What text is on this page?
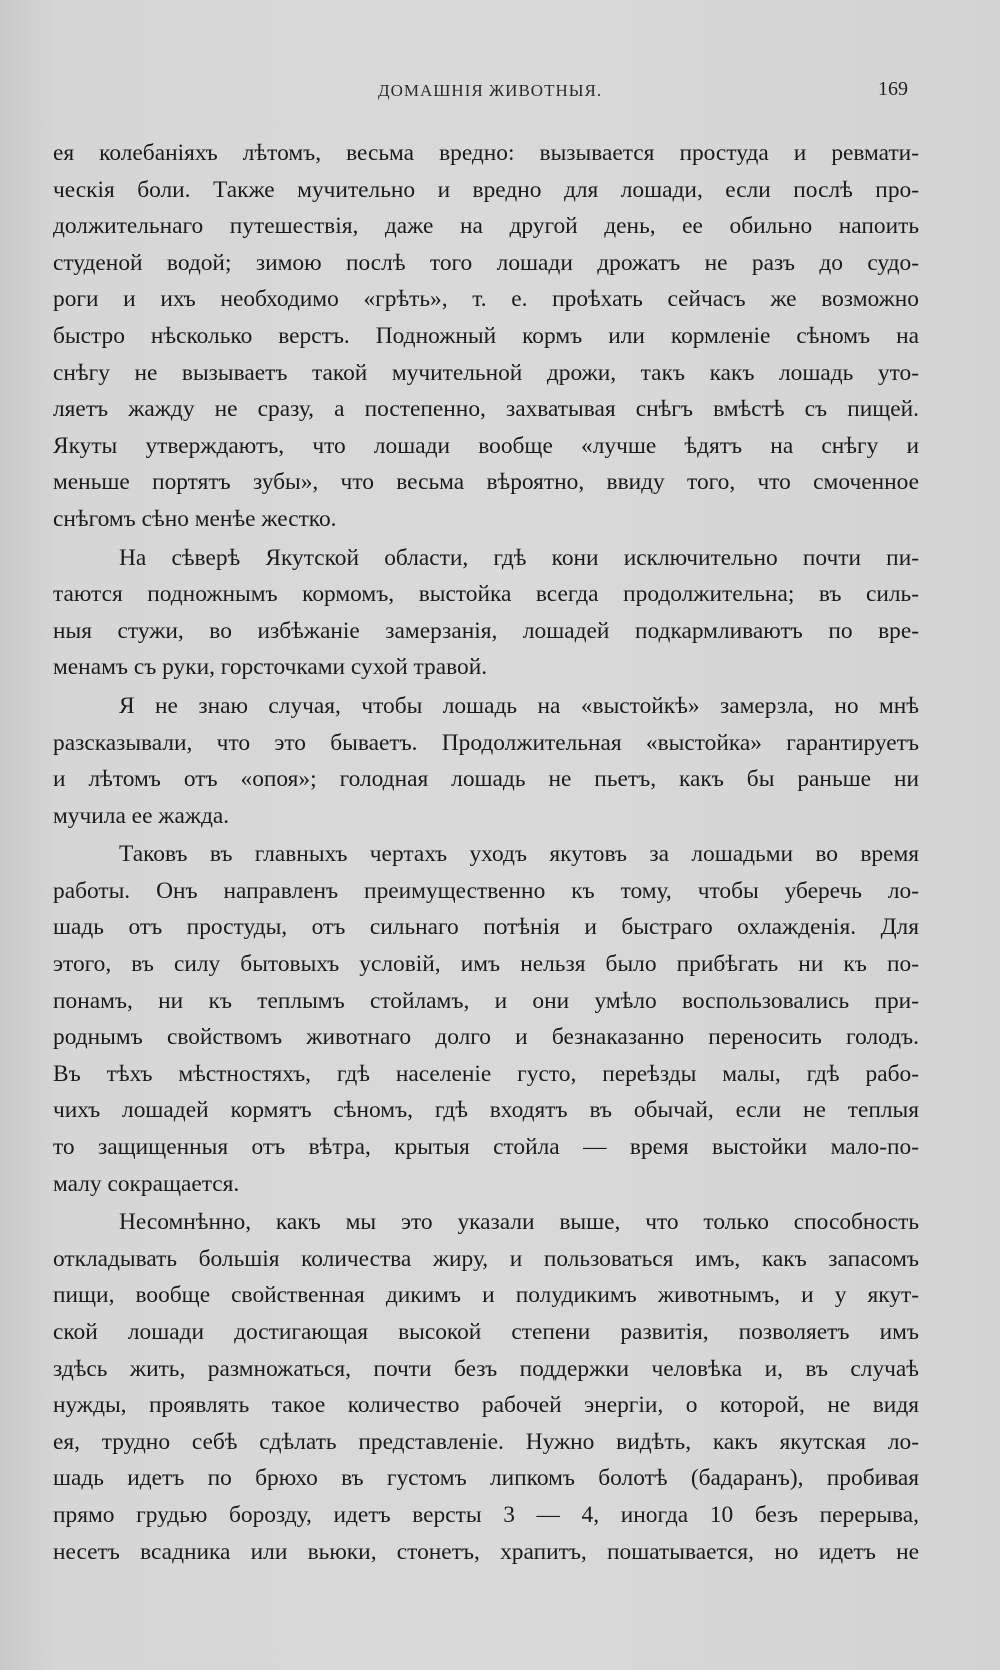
ДОМАШНІЯ ЖИВОТНЫЯ.	169
ея колебаніяхъ лѣтомъ, весьма вредно: вызывается простуда и ревмати-
ческія боли. Также мучительно и вредно для лошади, если послѣ про-
должительнаго путешествія, даже на другой день, ее обильно напоить
студеной водой; зимою послѣ того лошади дрожатъ не разъ до судо-
роги и ихъ необходимо «грѣть», т. е. проѣхать сейчасъ же возможно
быстро нѣсколько верстъ. Подножный кормъ или кормленіе сѣномъ на
снѣгу не вызываетъ такой мучительной дрожи, такъ какъ лошадь уто-
ляетъ жажду не сразу, а постепенно, захватывая снѣгъ вмѣстѣ съ пищей.
Якуты утверждаютъ, что лошади вообще «лучше ѣдятъ на снѣгу и
меньше портятъ зубы», что весьма вѣроятно, ввиду того, что смоченное
снѣгомъ сѣно менѣе жестко.
На сѣверѣ Якутской области, гдѣ кони исключительно почти пи-
таются подножнымъ кормомъ, выстойка всегда продолжительна; въ силь-
ныя стужи, во избѣжаніе замерзанія, лошадей подкармливаютъ по вре-
менамъ съ руки, горсточками сухой травой.
Я не знаю случая, чтобы лошадь на «выстойкѣ» замерзла, но мнѣ
разсказывали, что это бываетъ. Продолжительная «выстойка» гарантируетъ
и лѣтомъ отъ «опоя»; голодная лошадь не пьетъ, какъ бы раньше ни
мучила ее жажда.
Таковъ въ главныхъ чертахъ уходъ якутовъ за лошадьми во время
работы. Онъ направленъ преимущественно къ тому, чтобы уберечь ло-
шадь отъ простуды, отъ сильнаго потѣнія и быстраго охлажденія. Для
этого, въ силу бытовыхъ условій, имъ нельзя было прибѣгать ни къ по-
понамъ, ни къ теплымъ стойламъ, и они умѣло воспользовались при-
роднымъ свойствомъ животнаго долго и безнаказанно переносить голодъ.
Въ тѣхъ мѣстностяхъ, гдѣ населеніе густо, переѣзды малы, гдѣ рабо-
чихъ лошадей кормятъ сѣномъ, гдѣ входятъ въ обычай, если не теплыя
то защищенныя отъ вѣтра, крытыя стойла — время выстойки мало-по-
малу сокращается.
Несомнѣнно, какъ мы это указали выше, что только способность
откладывать большія количества жиру, и пользоваться имъ, какъ запасомъ
пищи, вообще свойственная дикимъ и полудикимъ животнымъ, и у якут-
ской лошади достигающая высокой степени развитія, позволяетъ имъ
здѣсь жить, размножаться, почти безъ поддержки человѣка и, въ случаѣ
нужды, проявлять такое количество рабочей энергіи, о которой, не видя
ея, трудно себѣ сдѣлать представленіе. Нужно видѣть, какъ якутская ло-
шадь идетъ по брюхо въ густомъ липкомъ болотѣ (бадаранъ), пробивая
прямо грудью борозду, идетъ версты 3 — 4, иногда 10 безъ перерыва,
несетъ всадника или вьюки, стонетъ, храпитъ, пошатывается, но идетъ не
